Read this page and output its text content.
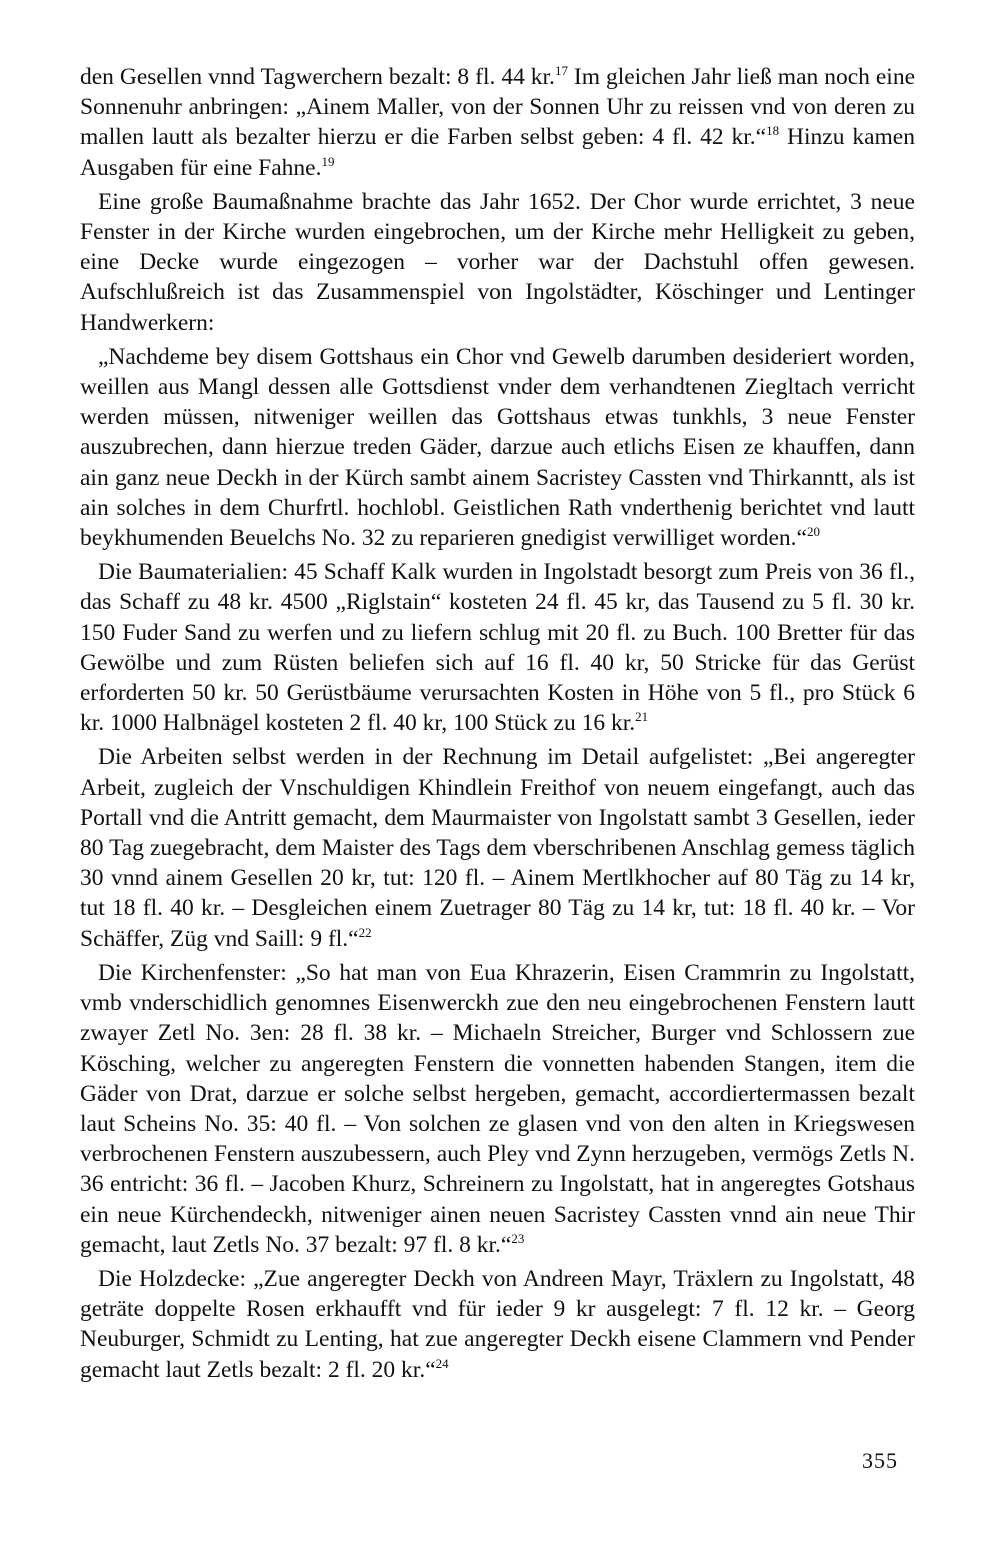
den Gesellen vnnd Tagwerchern bezalt: 8 fl. 44 kr.$^{17}$ Im gleichen Jahr ließ man noch eine Sonnenuhr anbringen: „Ainem Maller, von der Sonnen Uhr zu reissen vnd von deren zu mallen lautt als bezalter hierzu er die Farben selbst geben: 4 fl. 42 kr.“$^{18}$ Hinzu kamen Ausgaben für eine Fahne.$^{19}$

Eine große Baumaßnahme brachte das Jahr 1652. Der Chor wurde errichtet, 3 neue Fenster in der Kirche wurden eingebrochen, um der Kirche mehr Helligkeit zu geben, eine Decke wurde eingezogen – vorher war der Dachstuhl offen gewesen. Aufschlußreich ist das Zusammenspiel von Ingolstädter, Köschinger und Lentinger Handwerkern:

„Nachdeme bey disem Gottshaus ein Chor vnd Gewelb darumben desideriert worden, weillen aus Mangl dessen alle Gottsdienst vnder dem verhandtenen Ziegltach verricht werden müssen, nitweniger weillen das Gottshaus etwas tunkhls, 3 neue Fenster auszubrechen, dann hierzue treden Gäder, darzue auch etlichs Eisen ze khauffen, dann ain ganz neue Deckh in der Kürch sambt ainem Sacristey Cassten vnd Thirkanntt, als ist ain solches in dem Churfrtl. hochlobl. Geistlichen Rath vnderthenig berichtet vnd lautt beykhumenden Beuelchs No. 32 zu reparieren gnedigist verwilliget worden.“$^{20}$

Die Baumaterialien: 45 Schaff Kalk wurden in Ingolstadt besorgt zum Preis von 36 fl., das Schaff zu 48 kr. 4500 „Riglstain“ kosteten 24 fl. 45 kr, das Tausend zu 5 fl. 30 kr. 150 Fuder Sand zu werfen und zu liefern schlug mit 20 fl. zu Buch. 100 Bretter für das Gewölbe und zum Rüsten beliefen sich auf 16 fl. 40 kr, 50 Stricke für das Gerüst erforderten 50 kr. 50 Gerüstbäume verursachten Kosten in Höhe von 5 fl., pro Stück 6 kr. 1000 Halbnägel kosteten 2 fl. 40 kr, 100 Stück zu 16 kr.$^{21}$

Die Arbeiten selbst werden in der Rechnung im Detail aufgelistet: „Bei angeregter Arbeit, zugleich der Vnschuldigen Khindlein Freithof von neuem eingefangt, auch das Portall vnd die Antritt gemacht, dem Maurmaister von Ingolstatt sambt 3 Gesellen, ieder 80 Tag zuegebracht, dem Maister des Tags dem vberschribenen Anschlag gemess täglich 30 vnnd ainem Gesellen 20 kr, tut: 120 fl. – Ainem Mertlkhocher auf 80 Täg zu 14 kr, tut 18 fl. 40 kr. – Desgleichen einem Zuetrager 80 Täg zu 14 kr, tut: 18 fl. 40 kr. – Vor Schäffer, Züg vnd Saill: 9 fl.“$^{22}$

Die Kirchenfenster: „So hat man von Eua Khrazerin, Eisen Crammrin zu Ingolstatt, vmb vnderschidlich genomnes Eisenwerckh zue den neu eingebrochenen Fenstern lautt zwayer Zetl No. 3en: 28 fl. 38 kr. – Michaeln Streicher, Burger vnd Schlossern zue Kösching, welcher zu angeregten Fenstern die vonnetten habenden Stangen, item die Gäder von Drat, darzue er solche selbst hergeben, gemacht, accordiertermassen bezalt laut Scheins No. 35: 40 fl. – Von solchen ze glasen vnd von den alten in Kriegswesen verbrochenen Fenstern auszubessern, auch Pley vnd Zynn herzugeben, vermögs Zetls N. 36 entricht: 36 fl. – Jacoben Khurz, Schreinern zu Ingolstatt, hat in angeregtes Gotshaus ein neue Kürchendeckh, nitweniger ainen neuen Sacristey Cassten vnnd ain neue Thir gemacht, laut Zetls No. 37 bezalt: 97 fl. 8 kr.“$^{23}$

Die Holzdecke: „Zue angeregter Deckh von Andreen Mayr, Träxlern zu Ingolstatt, 48 geträte doppelte Rosen erkhaufft vnd für ieder 9 kr ausgelegt: 7 fl. 12 kr. – Georg Neuburger, Schmidt zu Lenting, hat zue angeregter Deckh eisene Clammern vnd Pender gemacht laut Zetls bezalt: 2 fl. 20 kr.“$^{24}$

355
